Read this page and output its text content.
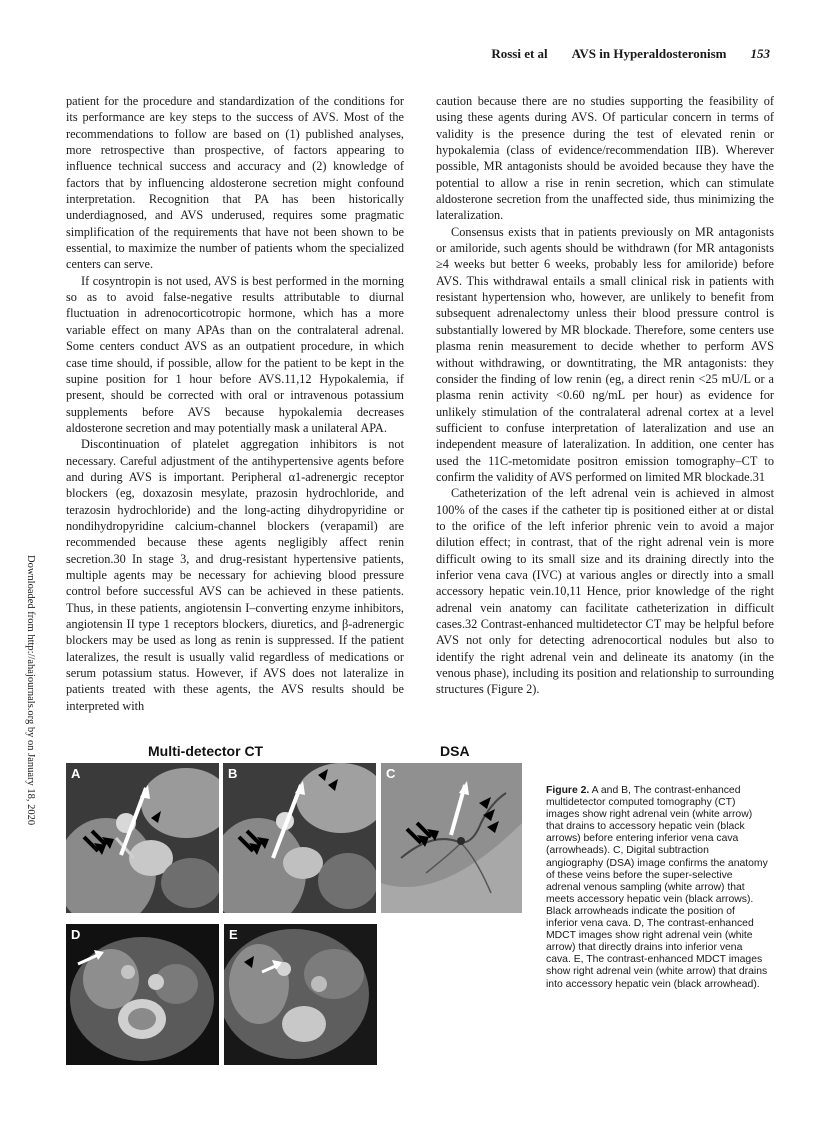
Rossi et al AVS in Hyperaldosteronism 153
Downloaded from http://ahajournals.org by on January 18, 2020

patient for the procedure and standardization of the conditions for its performance are key steps to the success of AVS. Most of the recommendations to follow are based on (1) published analyses, more retrospective than prospective, of factors appearing to influence technical success and accuracy and (2) knowledge of factors that by influencing aldosterone secretion might confound interpretation. Recognition that PA has been historically underdiagnosed, and AVS underused, requires some pragmatic simplification of the requirements that have not been shown to be essential, to maximize the number of patients whom the specialized centers can serve.

If cosyntropin is not used, AVS is best performed in the morning so as to avoid false-negative results attributable to diurnal fluctuation in adrenocorticotropic hormone, which has a more variable effect on many APAs than on the contralateral adrenal. Some centers conduct AVS as an outpatient procedure, in which case time should, if possible, allow for the patient to be kept in the supine position for 1 hour before AVS.11,12 Hypokalemia, if present, should be corrected with oral or intravenous potassium supplements before AVS because hypokalemia decreases aldosterone secretion and may potentially mask a unilateral APA.

Discontinuation of platelet aggregation inhibitors is not necessary. Careful adjustment of the antihypertensive agents before and during AVS is important. Peripheral α1-adrenergic receptor blockers (eg, doxazosin mesylate, prazosin hydrochloride, and terazosin hydrochloride) and the long-acting dihydropyridine or nondihydropyridine calcium-channel blockers (verapamil) are recommended because these agents negligibly affect renin secretion.30 In stage 3, and drug-resistant hypertensive patients, multiple agents may be necessary for achieving blood pressure control before successful AVS can be achieved in these patients. Thus, in these patients, angiotensin I–converting enzyme inhibitors, angiotensin II type 1 receptors blockers, diuretics, and β-adrenergic blockers may be used as long as renin is suppressed. If the patient lateralizes, the result is usually valid regardless of medications or serum potassium status. However, if AVS does not lateralize in patients treated with these agents, the AVS results should be interpreted with

caution because there are no studies supporting the feasibility of using these agents during AVS. Of particular concern in terms of validity is the presence during the test of elevated renin or hypokalemia (class of evidence/recommendation IIB). Wherever possible, MR antagonists should be avoided because they have the potential to allow a rise in renin secretion, which can stimulate aldosterone secretion from the unaffected side, thus minimizing the lateralization.

Consensus exists that in patients previously on MR antagonists or amiloride, such agents should be withdrawn (for MR antagonists ≥4 weeks but better 6 weeks, probably less for amiloride) before AVS. This withdrawal entails a small clinical risk in patients with resistant hypertension who, however, are unlikely to benefit from subsequent adrenalectomy unless their blood pressure control is substantially lowered by MR blockade. Therefore, some centers use plasma renin measurement to decide whether to perform AVS without withdrawing, or downtitrating, the MR antagonists: they consider the finding of low renin (eg, a direct renin <25 mU/L or a plasma renin activity <0.60 ng/mL per hour) as evidence for unlikely stimulation of the contralateral adrenal cortex at a level sufficient to confuse interpretation of lateralization and use an independent measure of lateralization. In addition, one center has used the 11C-metomidate positron emission tomography–CT to confirm the validity of AVS performed on limited MR blockade.31

Catheterization of the left adrenal vein is achieved in almost 100% of the cases if the catheter tip is positioned either at or distal to the orifice of the left inferior phrenic vein to avoid a major dilution effect; in contrast, that of the right adrenal vein is more difficult owing to its small size and its draining directly into the inferior vena cava (IVC) at various angles or directly into a small accessory hepatic vein.10,11 Hence, prior knowledge of the right adrenal vein anatomy can facilitate catheterization in difficult cases.32 Contrast-enhanced multidetector CT may be helpful before AVS not only for detecting adrenocortical nodules but also to identify the right adrenal vein and delineate its anatomy (in the venous phase), including its position and relationship to surrounding structures (Figure 2).

Multi-detector CT	DSA
A	B	C
D	E
Figure 2. A and B, The contrast-enhanced multidetector computed tomography (CT) images show right adrenal vein (white arrow) that drains to accessory hepatic vein (black arrows) before entering inferior vena cava (arrowheads). C, Digital subtraction angiography (DSA) image confirms the anatomy of these veins before the super-selective adrenal venous sampling (white arrow) that meets accessory hepatic vein (black arrows). Black arrowheads indicate the position of inferior vena cava. D, The contrast-enhanced MDCT images show right adrenal vein (white arrow) that directly drains into inferior vena cava. E, The contrast-enhanced MDCT images show right adrenal vein (white arrow) that drains into accessory hepatic vein (black arrowhead).
